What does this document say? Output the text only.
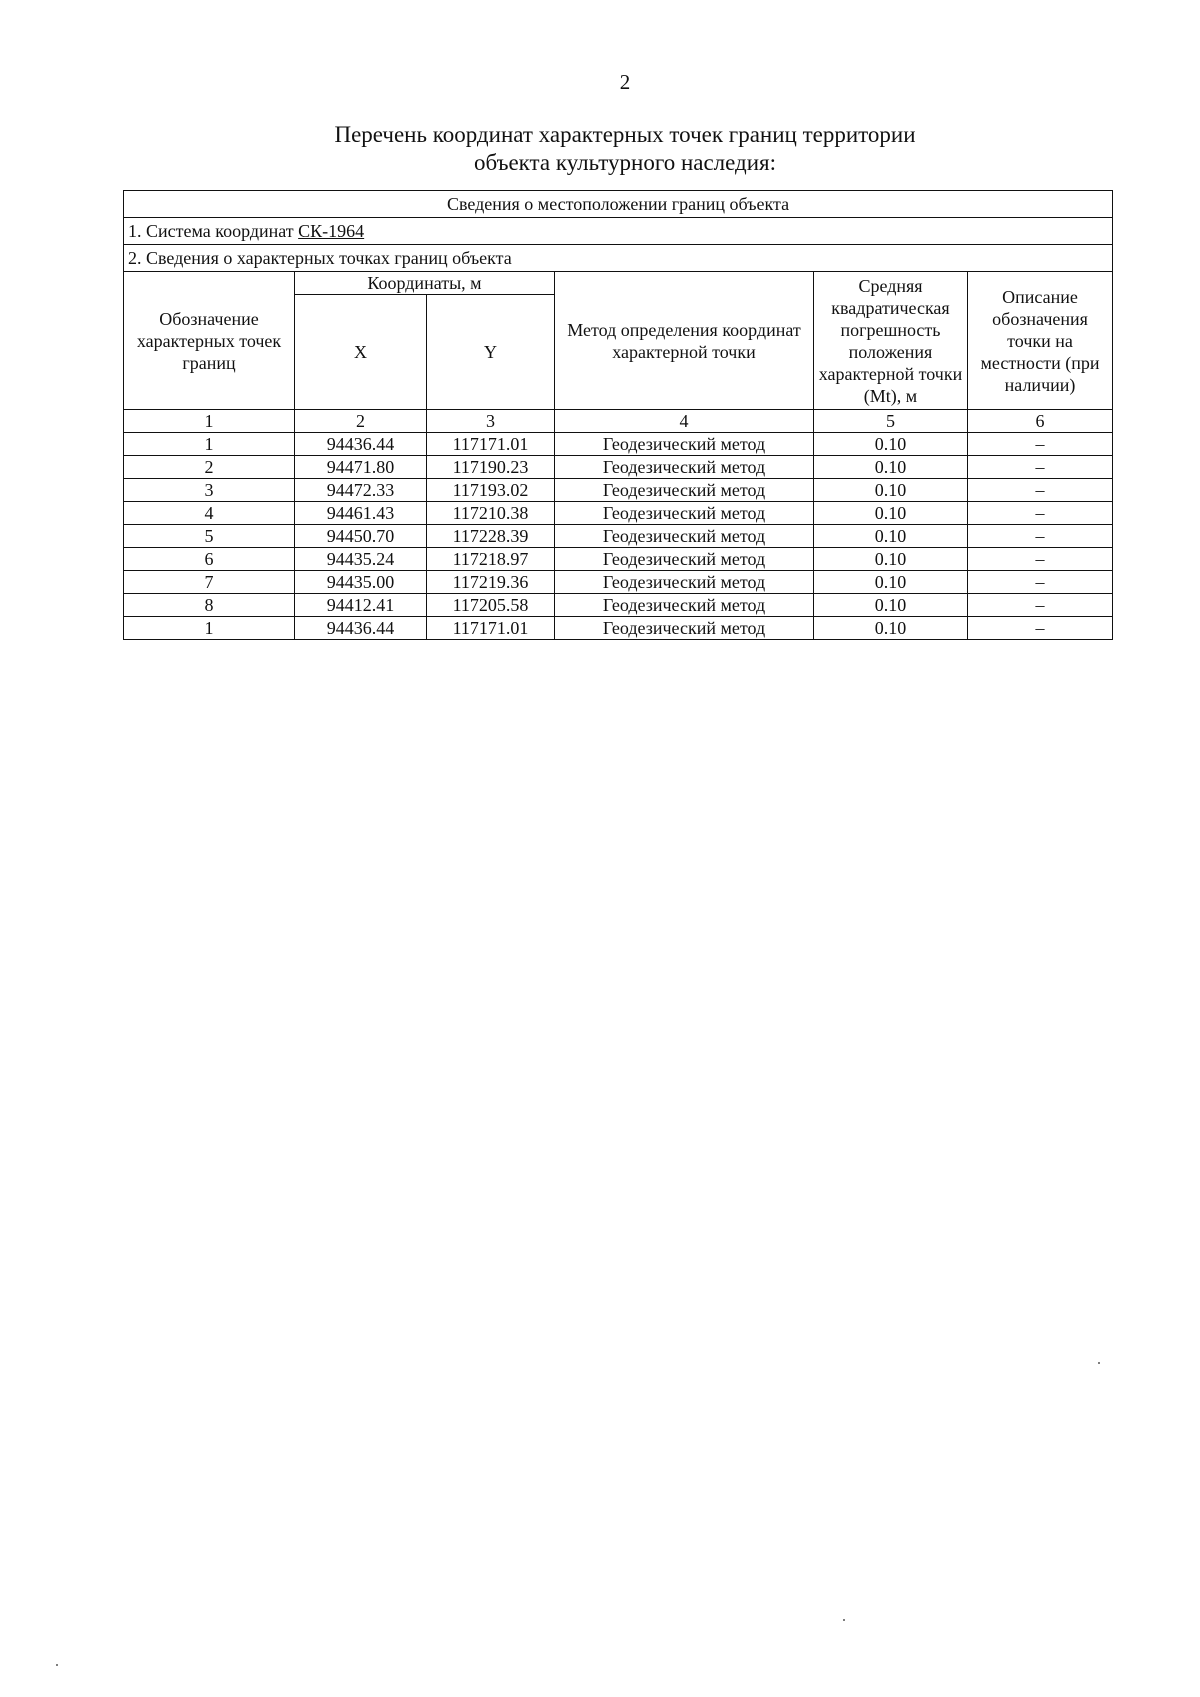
2
Перечень координат характерных точек границ территории
объекта культурного наследия:
Сведения о местоположении границ объекта					
1. Система координат СК-1964					
2. Сведения о характерных точках границ объекта					
Обозначение характерных точек границ	Координаты, м		Метод определения координат характерной точки	Средняя квадратическая погрешность положения характерной точки (Mt), м	Описание обозначения точки на местности (при наличии)
	X	Y			
1	2	3	4	5	6
1	94436.44	117171.01	Геодезический метод	0.10	–
2	94471.80	117190.23	Геодезический метод	0.10	–
3	94472.33	117193.02	Геодезический метод	0.10	–
4	94461.43	117210.38	Геодезический метод	0.10	–
5	94450.70	117228.39	Геодезический метод	0.10	–
6	94435.24	117218.97	Геодезический метод	0.10	–
7	94435.00	117219.36	Геодезический метод	0.10	–
8	94412.41	117205.58	Геодезический метод	0.10	–
1	94436.44	117171.01	Геодезический метод	0.10	–
